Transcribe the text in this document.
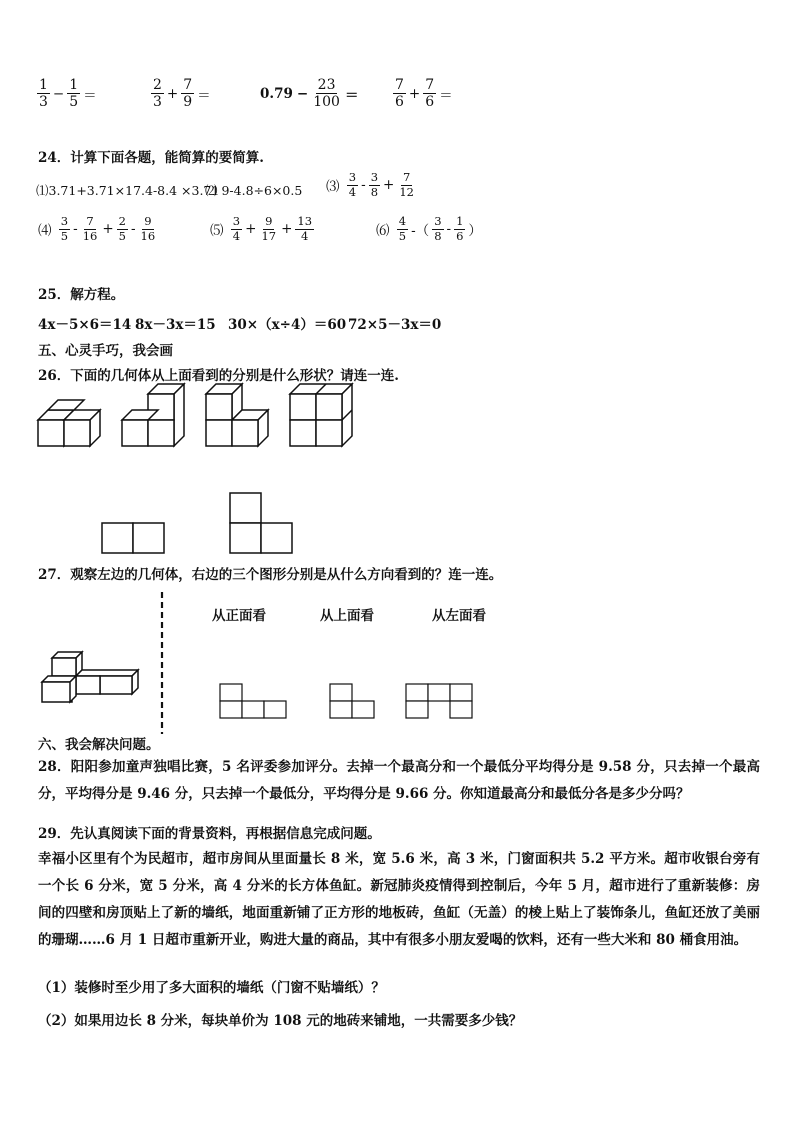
$\frac{1}{3} - \frac{1}{5}$ ＝	$\frac{2}{3} + \frac{7}{9}$ ＝	$0.79 - \frac{23}{100} = \frac{7}{6} + \frac{7}{6}$ ＝
24．计算下面各题，能简算的要简算.
⑴3.71+3.71×17.4-8.4 ×3.71
⑵ 9-4.8÷6×0.5 ⑶ $\frac{3}{4} - \frac{3}{8} + \frac{7}{12}$
⑷ $\frac{3}{5} - \frac{7}{16} + \frac{2}{5} - \frac{9}{16}$	⑸ $\frac{3}{4} + \frac{9}{17} + \frac{13}{4}$	⑹ $\frac{4}{5}$ -（ $\frac{3}{8} - \frac{1}{6}$ ）
25．解方程。
4x－5×6＝14 8x－3x＝15 30×（x÷4）＝60 72×5－3x＝0
五、心灵手巧，我会画
26．下面的几何体从上面看到的分别是什么形状？请连一连.
27．观察左边的几何体，右边的三个图形分别是从什么方向看到的？连一连。
从正面看	从上面看	从左面看
六、我会解决问题。
28．阳阳参加童声独唱比赛，5 名评委参加评分。去掉一个最高分和一个最低分平均得分是 9.58 分，只去掉一个最高分，平均得分是 9.46 分，只去掉一个最低分，平均得分是 9.66 分。你知道最高分和最低分各是多少分吗？
29．先认真阅读下面的背景资料，再根据信息完成问题。
幸福小区里有个为民超市，超市房间从里面量长 8 米，宽 5.6 米，高 3 米，门窗面积共 5.2 平方米。超市收银台旁有一个长 6 分米，宽 5 分米，高 4 分米的长方体鱼缸。新冠肺炎疫情得到控制后，今年 5 月，超市进行了重新装修：房间的四壁和房顶贴上了新的墙纸，地面重新铺了正方形的地板砖，鱼缸（无盖）的棱上贴上了装饰条儿，鱼缸还放了美丽的珊瑚……6 月 1 日超市重新开业，购进大量的商品，其中有很多小朋友爱喝的饮料，还有一些大米和 80 桶食用油。
（1）装修时至少用了多大面积的墙纸（门窗不贴墙纸）？
（2）如果用边长 8 分米，每块单价为 108 元的地砖来铺地，一共需要多少钱？
